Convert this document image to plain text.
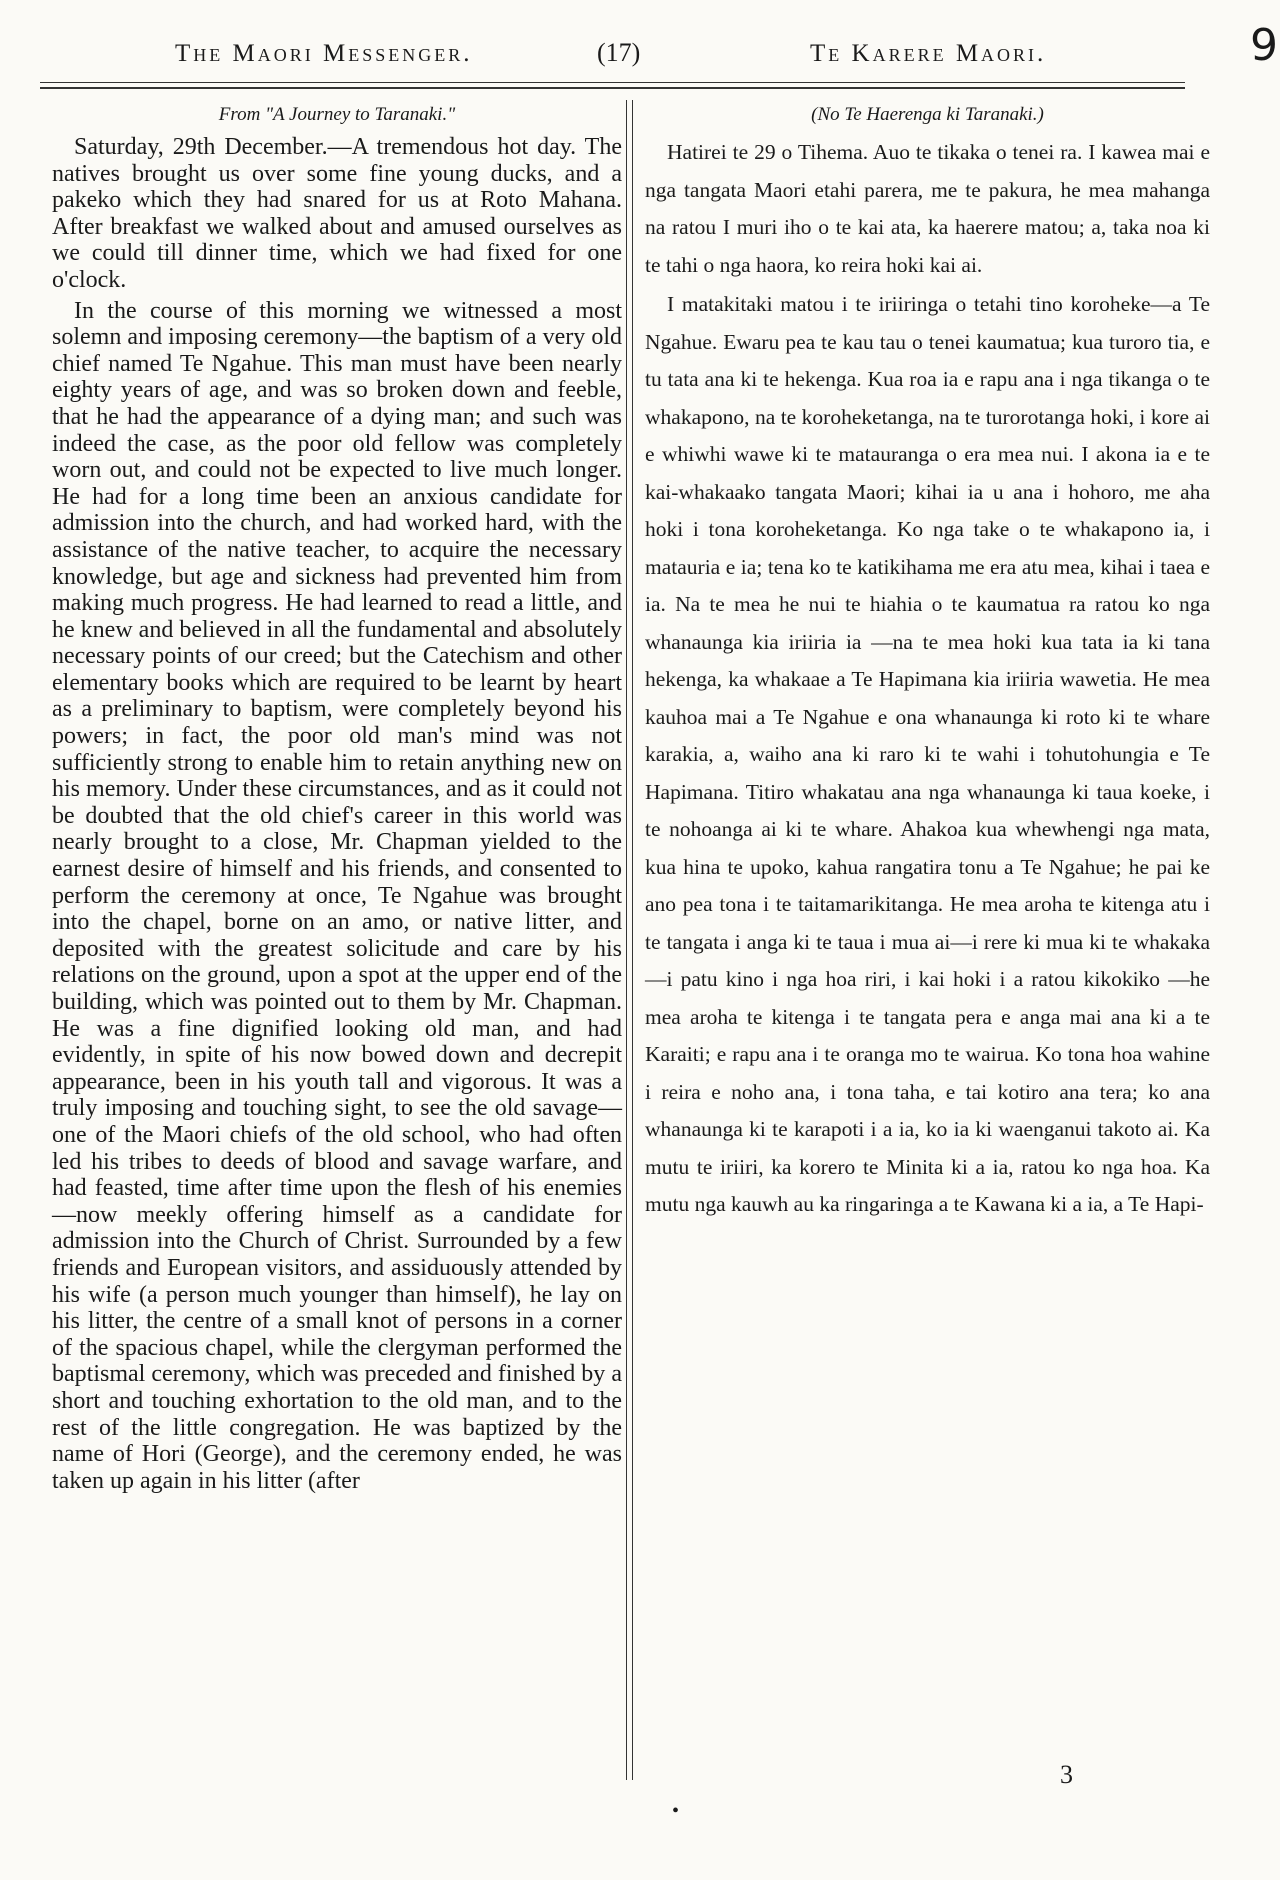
The Maori Messenger.	(17)	Te Karere Maori.	9
From "A Journey to Taranaki."

Saturday, 29th December.—A tremendous hot day. The natives brought us over some fine young ducks, and a pakeko which they had snared for us at Roto Mahana. After breakfast we walked about and amused ourselves as we could till dinner time, which we had fixed for one o'clock.

In the course of this morning we witnessed a most solemn and imposing ceremony—the baptism of a very old chief named Te Ngahue. This man must have been nearly eighty years of age, and was so broken down and feeble, that he had the appearance of a dying man; and such was indeed the case, as the poor old fellow was completely worn out, and could not be expected to live much longer. He had for a long time been an anxious candidate for admission into the church, and had worked hard, with the assistance of the native teacher, to acquire the necessary knowledge, but age and sickness had prevented him from making much progress. He had learned to read a little, and he knew and believed in all the fundamental and absolutely necessary points of our creed; but the Catechism and other elementary books which are required to be learnt by heart as a preliminary to baptism, were completely beyond his powers; in fact, the poor old man's mind was not sufficiently strong to enable him to retain anything new on his memory. Under these circumstances, and as it could not be doubted that the old chief's career in this world was nearly brought to a close, Mr. Chapman yielded to the earnest desire of himself and his friends, and consented to perform the ceremony at once, Te Ngahue was brought into the chapel, borne on an amo, or native litter, and deposited with the greatest solicitude and care by his relations on the ground, upon a spot at the upper end of the building, which was pointed out to them by Mr. Chapman. He was a fine dignified looking old man, and had evidently, in spite of his now bowed down and decrepit appearance, been in his youth tall and vigorous. It was a truly imposing and touching sight, to see the old savage—one of the Maori chiefs of the old school, who had often led his tribes to deeds of blood and savage warfare, and had feasted, time after time upon the flesh of his enemies—now meekly offering himself as a candidate for admission into the Church of Christ. Surrounded by a few friends and European visitors, and assiduously attended by his wife (a person much younger than himself), he lay on his litter, the centre of a small knot of persons in a corner of the spacious chapel, while the clergyman performed the baptismal ceremony, which was preceded and finished by a short and touching exhortation to the old man, and to the rest of the little congregation. He was baptized by the name of Hori (George), and the ceremony ended, he was taken up again in his litter (after

(No Te Haerenga ki Taranaki.)

Hatirei te 29 o Tihema. Auo te tikaka o tenei ra. I kawea mai e nga tangata Maori etahi parera, me te pakura, he mea mahanga na ratou I muri iho o te kai ata, ka haerere matou; a, taka noa ki te tahi o nga haora, ko reira hoki kai ai.

I matakitaki matou i te iriiringa o tetahi tino koroheke—a Te Ngahue. Ewaru pea te kau tau o tenei kaumatua; kua turoro tia, e tu tata ana ki te hekenga. Kua roa ia e rapu ana i nga tikanga o te whakapono, na te koroheketanga, na te turorotanga hoki, i kore ai e whiwhi wawe ki te matauranga o era mea nui. I akona ia e te kai-whakaako tangata Maori; kihai ia u ana i hohoro, me aha hoki i tona koroheketanga. Ko nga take o te whakapono ia, i matauria e ia; tena ko te katikihama me era atu mea, kihai i taea e ia. Na te mea he nui te hiahia o te kaumatua ra ratou ko nga whanaunga kia iriiria ia —na te mea hoki kua tata ia ki tana hekenga, ka whakaae a Te Hapimana kia iriiria wawetia. He mea kauhoa mai a Te Ngahue e ona whanaunga ki roto ki te whare karakia, a, waiho ana ki raro ki te wahi i tohutohungia e Te Hapimana. Titiro whakatau ana nga whanaunga ki taua koeke, i te nohoanga ai ki te whare. Ahakoa kua whewhengi nga mata, kua hina te upoko, kahua rangatira tonu a Te Ngahue; he pai ke ano pea tona i te taitamarikitanga. He mea aroha te kitenga atu i te tangata i anga ki te taua i mua ai—i rere ki mua ki te whakaka—i patu kino i nga hoa riri, i kai hoki i a ratou kikokiko —he mea aroha te kitenga i te tangata pera e anga mai ana ki a te Karaiti; e rapu ana i te oranga mo te wairua. Ko tona hoa wahine i reira e noho ana, i tona taha, e tai kotiro ana tera; ko ana whanaunga ki te karapoti i a ia, ko ia ki waenganui takoto ai. Ka mutu te iriiri, ka korero te Minita ki a ia, ratou ko nga hoa. Ka mutu nga kauwh au ka ringaringa a te Kawana ki a ia, a Te Hapi-

3
•
